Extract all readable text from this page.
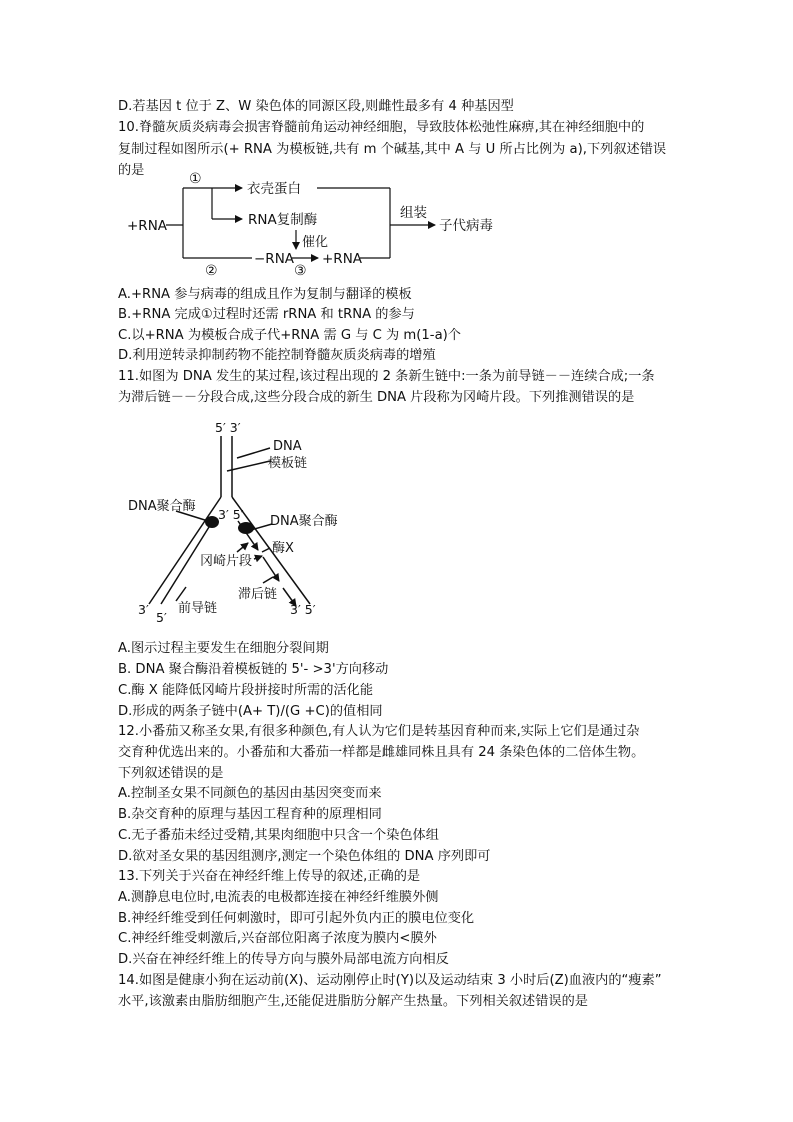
D.若基因 t 位于 Z、W 染色体的同源区段,则雌性最多有 4 种基因型
10.脊髓灰质炎病毒会损害脊髓前角运动神经细胞，导致肢体松弛性麻痹,其在神经细胞中的
复制过程如图所示(+ RNA 为模板链,共有 m 个碱基,其中 A 与 U 所占比例为 a),下列叙述错误
的是
+RNA
①
衣壳蛋白
RNA复制酶
催化
−RNA +RNA
②	③
组装
子代病毒
A.+RNA 参与病毒的组成且作为复制与翻译的模板
B.+RNA 完成①过程时还需 rRNA 和 tRNA 的参与
C.以+RNA 为模板合成子代+RNA 需 G 与 C 为 m(1-a)个
D.利用逆转录抑制药物不能控制脊髓灰质炎病毒的增殖
11.如图为 DNA 发生的某过程,该过程出现的 2 条新生链中:一条为前导链－－连续合成;一条
为滞后链－－分段合成,这些分段合成的新生 DNA 片段称为冈崎片段。下列推测错误的是
5′ 3′
DNA
模板链
DNA聚合酶
3′ 5′ DNA聚合酶
酶X
冈崎片段
滞后链
前导链
3′
5′
3′ 5′
A.图示过程主要发生在细胞分裂间期
B. DNA 聚合酶沿着模板链的 5'- >3'方向移动
C.酶 X 能降低冈崎片段拼接时所需的活化能
D.形成的两条子链中(A+ T)/(G +C)的值相同
12.小番茄又称圣女果,有很多种颜色,有人认为它们是转基因育种而来,实际上它们是通过杂
交育种优选出来的。小番茄和大番茄一样都是雌雄同株且具有 24 条染色体的二倍体生物。
下列叙述错误的是
A.控制圣女果不同颜色的基因由基因突变而来
B.杂交育种的原理与基因工程育种的原理相同
C.无子番茄未经过受精,其果肉细胞中只含一个染色体组
D.欲对圣女果的基因组测序,测定一个染色体组的 DNA 序列即可
13.下列关于兴奋在神经纤维上传导的叙述,正确的是
A.测静息电位时,电流表的电极都连接在神经纤维膜外侧
B.神经纤维受到任何刺激时，即可引起外负内正的膜电位变化
C.神经纤维受刺激后,兴奋部位阳离子浓度为膜内<膜外
D.兴奋在神经纤维上的传导方向与膜外局部电流方向相反
14.如图是健康小狗在运动前(X)、运动刚停止时(Y)以及运动结束 3 小时后(Z)血液内的“瘦素”
水平,该激素由脂肪细胞产生,还能促进脂肪分解产生热量。下列相关叙述错误的是
